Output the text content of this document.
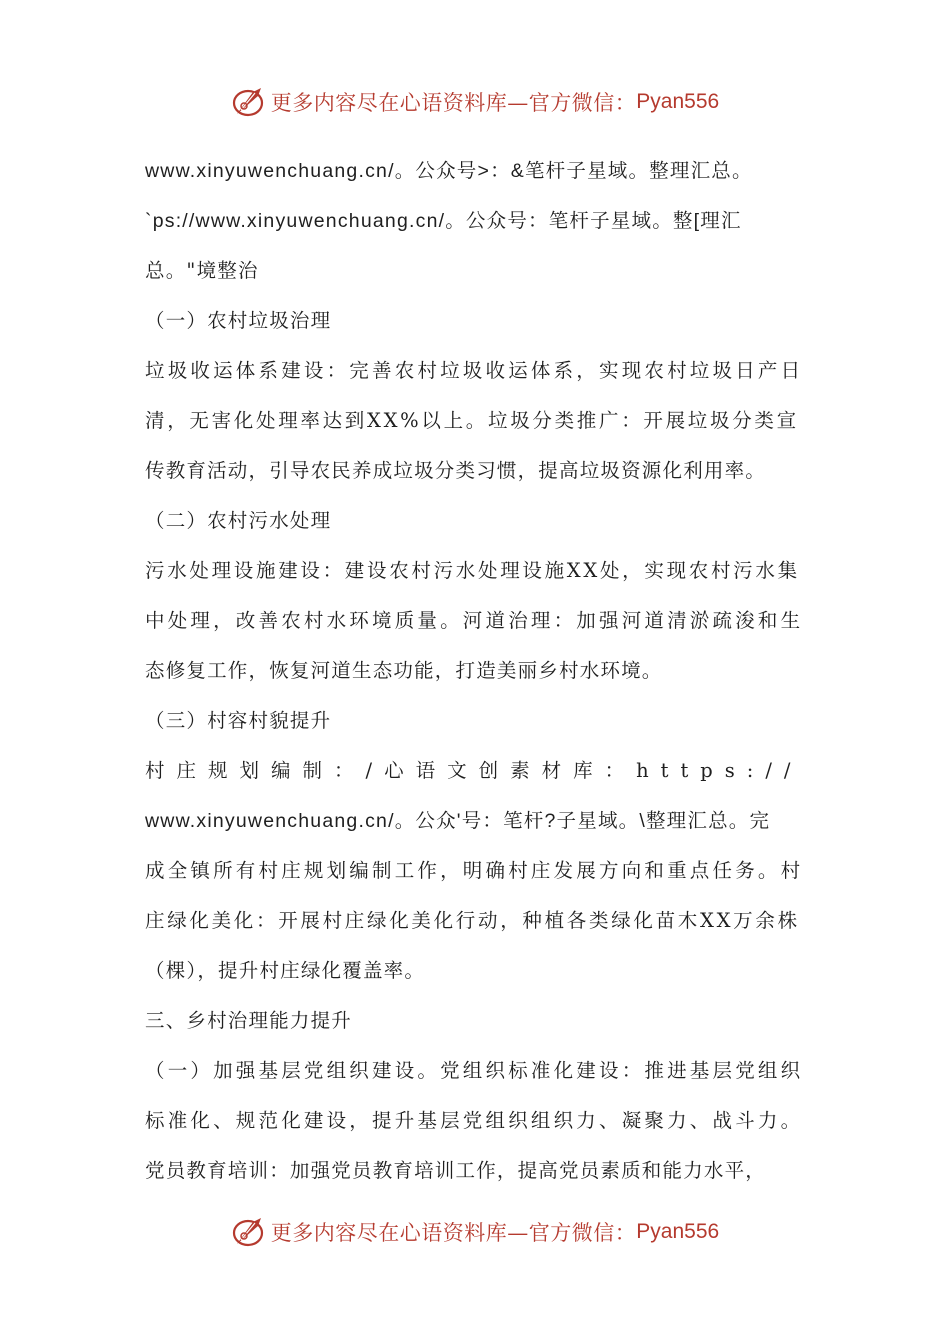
更多内容尽在心语资料库—官方微信： Pyan556
www.xinyuwenchuang.cn/。公众号>：&笔杆子星域。整理汇总。
`ps://www.xinyuwenchuang.cn/。公众号：笔杆子星域。整[理汇
总。"境整治
（一）农村垃圾治理
垃圾收运体系建设：完善农村垃圾收运体系，实现农村垃圾日产日
清，无害化处理率达到XX%以上。垃圾分类推广：开展垃圾分类宣
传教育活动，引导农民养成垃圾分类习惯，提高垃圾资源化利用率。
（二）农村污水处理
污水处理设施建设：建设农村污水处理设施XX处，实现农村污水集
中处理，改善农村水环境质量。河道治理：加强河道清淤疏浚和生
态修复工作，恢复河道生态功能，打造美丽乡村水环境。
（三）村容村貌提升
村庄规划编制：/心语文创素材库：https://
www.xinyuwenchuang.cn/。公众'号：笔杆?子星域。\整理汇总。完
成全镇所有村庄规划编制工作，明确村庄发展方向和重点任务。村
庄绿化美化：开展村庄绿化美化行动，种植各类绿化苗木XX万余株
（棵），提升村庄绿化覆盖率。
三、乡村治理能力提升
（一）加强基层党组织建设。党组织标准化建设：推进基层党组织
标准化、规范化建设，提升基层党组织组织力、凝聚力、战斗力。
党员教育培训：加强党员教育培训工作，提高党员素质和能力水平，
更多内容尽在心语资料库—官方微信： Pyan556
